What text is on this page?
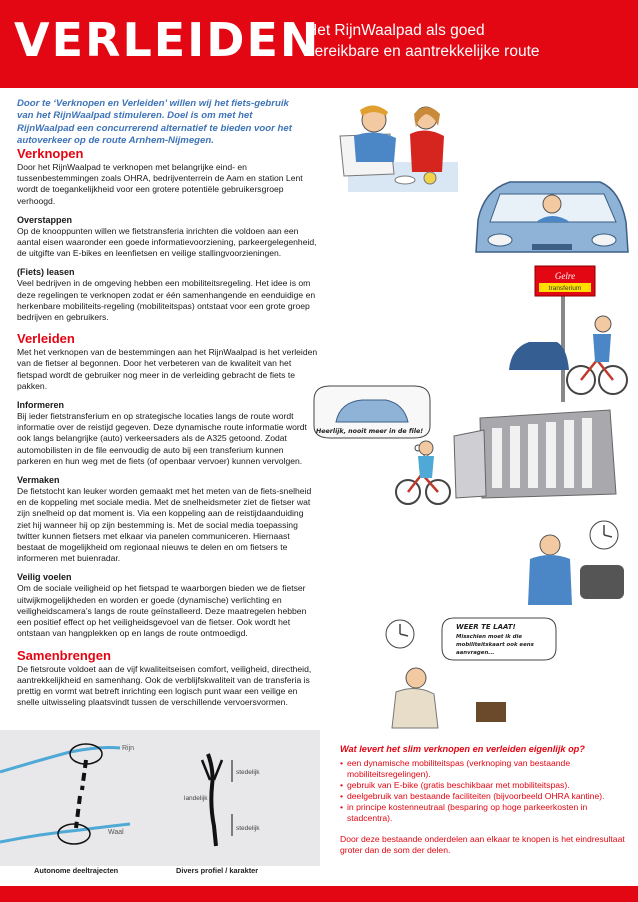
VERLEIDEN
Het RijnWaalpad als goed
bereikbare en aantrekkelijke route
Door te ‘Verknopen en Verleiden’ willen wij het fiets-gebruik van het RijnWaalpad stimuleren. Doel is om met het RijnWaalpad een concurrerend alternatief te bieden voor het autoverkeer op de route Arnhem-Nijmegen.
Verknopen

Door het RijnWaalpad te verknopen met belangrijke eind- en tussenbestemmingen zoals OHRA, bedrijventerrein de Aam en station Lent wordt de toegankelijkheid voor een grotere potentiële gebruikersgroep verhoogd.

Overstappen

Op de knooppunten willen we fietstransferia inrichten die voldoen aan een aantal eisen waaronder een goede informatievoorziening, parkeergelegenheid, de uitgifte van E-bikes en leenfietsen en veilige stallingvoorzieningen.

(Fiets) leasen

Veel bedrijven in de omgeving hebben een mobiliteitsregeling. Het idee is om deze regelingen te verknopen zodat er één samenhangende en eenduidige en herkenbare mobiliteits-regeling (mobiliteitspas) ontstaat voor een grote groep bedrijven en gebruikers.

Verleiden

Met het verknopen van de bestemmingen aan het RijnWaalpad is het verleiden van de fietser al begonnen. Door het verbeteren van de kwaliteit van het fietspad wordt de gebruiker nog meer in de verleiding gebracht de fiets te pakken.

Informeren

Bij ieder fietstransferium en op strategische locaties langs de route wordt informatie over de reistijd gegeven. Deze dynamische route informatie wordt ook langs belangrijke (auto) verkeersaders als de A325 getoond. Zodat automobilisten in de file eenvoudig de auto bij een transferium kunnen parkeren en hun weg met de fiets (of openbaar vervoer) kunnen vervolgen.

Vermaken

De fietstocht kan leuker worden gemaakt met het meten van de fiets-snelheid en de koppeling met sociale media. Met de snelheidsmeter ziet de fietser wat zijn snelheid op dat moment is. Via een koppeling aan de reistijdaanduiding ziet hij wanneer hij op zijn bestemming is. Met de social media toepassing twitter kunnen fietsers met elkaar via panelen communiceren. Hiernaast bestaat de mogelijkheid om regionaal nieuws te delen en om fietsers te informeren met buienradar.

Veilig voelen

Om de sociale veiligheid op het fietspad te waarborgen bieden we de fietser uitwijkmogelijkheden en worden er goede (dynamische) verlichting en veiligheidscamera’s langs de route geïnstalleerd. Deze maatregelen hebben een positief effect op het veiligheidsgevoel van de fietser. Ook wordt het ontstaan van hangplekken op en langs de route ontmoedigd.

Samenbrengen

De fietsroute voldoet aan de vijf kwaliteitseisen comfort, veiligheid, directheid, aantrekkelijkheid en samenhang. Ook de verblijfskwaliteit van de transferia is prettig en vormt wat betreft inrichting een logisch punt waar een veilige en snelle uitwisseling plaatsvindt tussen de verschillende vervoersvormen.

Gelre
transferium
Heerlijk, nooit meer in de file!
WEER TE LAAT!
Misschien moet ik die
mobiliteitskaart ook eens
aanvragen...
Rijn
Waal
stedelijk
landelijk
stedelijk
Autonome deeltrajecten	Divers profiel / karakter
Wat levert het slim verknopen en verleiden eigenlijk op?
• een dynamische mobiliteitspas (verknoping van bestaande mobiliteitsregelingen).
• gebruik van E-bike (gratis beschikbaar met mobiliteitspas).
• deelgebruik van bestaande faciliteiten (bijvoorbeeld OHRA kantine).
• in principe kostenneutraal (besparing op hoge parkeerkosten in stadcentra).
Door deze bestaande onderdelen aan elkaar te knopen is het eindresultaat groter dan de som der delen.
